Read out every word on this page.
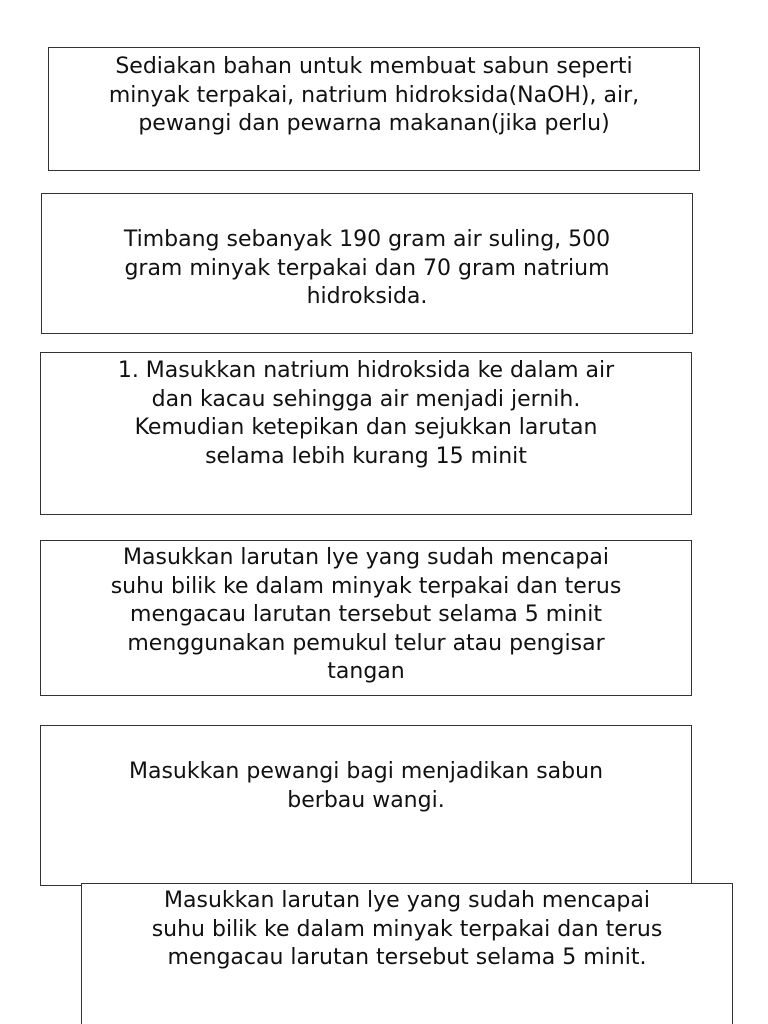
Sediakan bahan untuk membuat sabun seperti
minyak terpakai, natrium hidroksida(NaOH), air,
pewangi dan pewarna makanan(jika perlu)
Timbang sebanyak 190 gram air suling, 500
gram minyak terpakai dan 70 gram natrium
hidroksida.
1. Masukkan natrium hidroksida ke dalam air
dan kacau sehingga air menjadi jernih.
Kemudian ketepikan dan sejukkan larutan
selama lebih kurang 15 minit
Masukkan larutan lye yang sudah mencapai
suhu bilik ke dalam minyak terpakai dan terus
mengacau larutan tersebut selama 5 minit
menggunakan pemukul telur atau pengisar
tangan
Masukkan pewangi bagi menjadikan sabun
berbau wangi.
Masukkan larutan lye yang sudah mencapai
suhu bilik ke dalam minyak terpakai dan terus
mengacau larutan tersebut selama 5 minit.
